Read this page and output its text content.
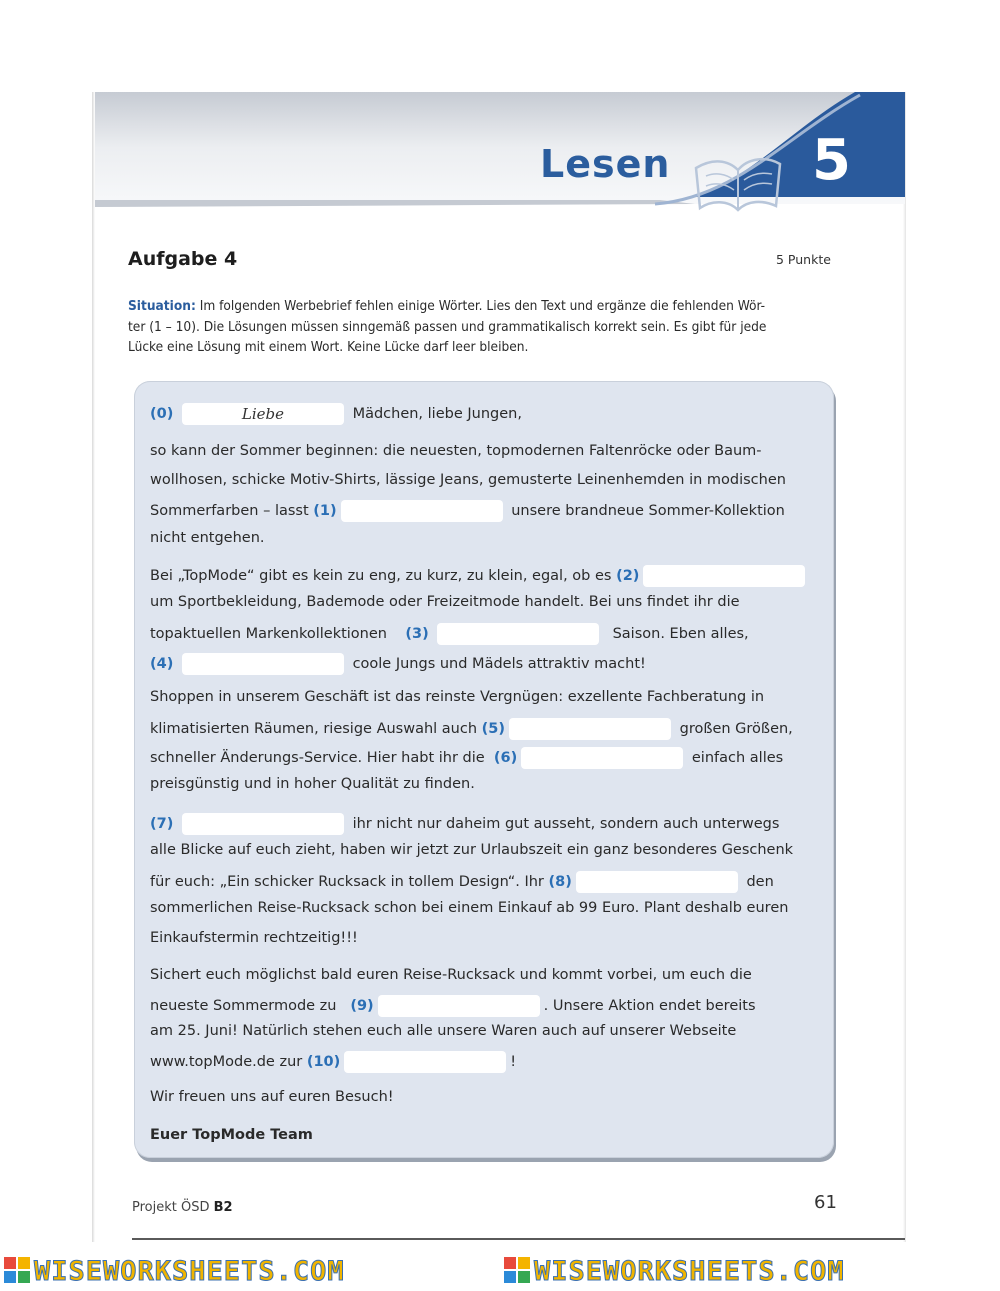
Lesen	5
Aufgabe 4	5 Punkte
Situation: Im folgenden Werbebrief fehlen einige Wörter. Lies den Text und ergänze die fehlenden Wör-
ter (1 – 10). Die Lösungen müssen sinngemäß passen und grammatikalisch korrekt sein. Es gibt für jede
Lücke eine Lösung mit einem Wort. Keine Lücke darf leer bleiben.
(0)	Liebe	Mädchen, liebe Jungen,
so kann der Sommer beginnen: die neuesten, topmodernen Faltenröcke oder Baum-
wollhosen, schicke Motiv-Shirts, lässige Jeans, gemusterte Leinenhemden in modischen
Sommerfarben – lasst (1)	unsere brandneue Sommer-Kollektion
nicht entgehen.
Bei „TopMode“ gibt es kein zu eng, zu kurz, zu klein, egal, ob es (2)
um Sportbekleidung, Bademode oder Freizeitmode handelt. Bei uns findet ihr die
topaktuellen Markenkollektionen (3)	Saison. Eben alles,
(4)	coole Jungs und Mädels attraktiv macht!
Shoppen in unserem Geschäft ist das reinste Vergnügen: exzellente Fachberatung in
klimatisierten Räumen, riesige Auswahl auch (5)	großen Größen,
schneller Änderungs-Service. Hier habt ihr die (6)	einfach alles
preisgünstig und in hoher Qualität zu finden.
(7)	ihr nicht nur daheim gut ausseht, sondern auch unterwegs
alle Blicke auf euch zieht, haben wir jetzt zur Urlaubszeit ein ganz besonderes Geschenk
für euch: „Ein schicker Rucksack in tollem Design“. Ihr (8)	den
sommerlichen Reise-Rucksack schon bei einem Einkauf ab 99 Euro. Plant deshalb euren
Einkaufstermin rechtzeitig!!!
Sichert euch möglichst bald euren Reise-Rucksack und kommt vorbei, um euch die
neueste Sommermode zu (9)	. Unsere Aktion endet bereits
am 25. Juni! Natürlich stehen euch alle unsere Waren auch auf unserer Webseite
www.topMode.de zur (10)	!
Wir freuen uns auf euren Besuch!
Euer TopMode Team
Projekt ÖSD B2	61
WISEWORKSHEETS.COM	WISEWORKSHEETS.COM
